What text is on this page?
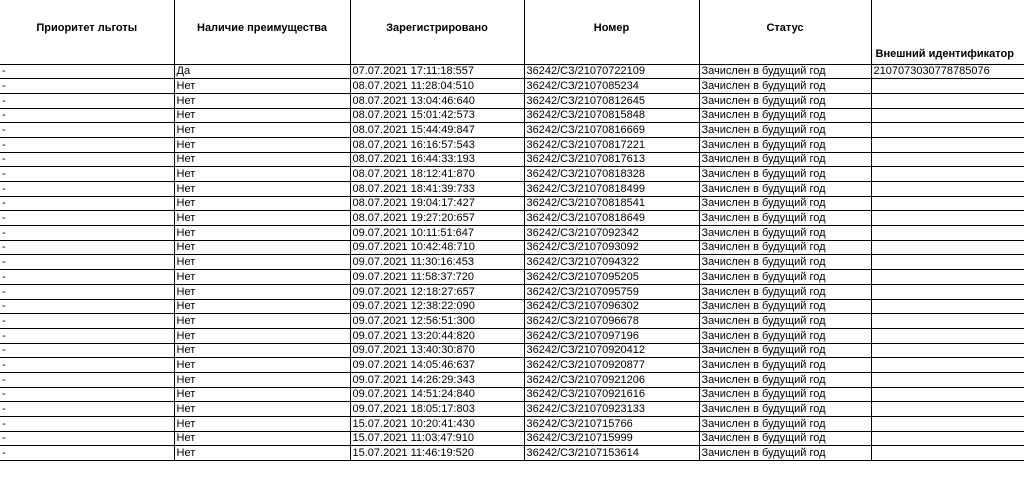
Приоритет льготы	Наличие преимущества	Зарегистрировано	Номер	Статус	Внешний идентификатор
-	Да	07.07.2021 17:11:18:557	36242/СЗ/21070722109	Зачислен в будущий год	2107073030778785076
-	Нет	08.07.2021 11:28:04:510	36242/СЗ/2107085234	Зачислен в будущий год	
-	Нет	08.07.2021 13:04:46:640	36242/СЗ/21070812645	Зачислен в будущий год	
-	Нет	08.07.2021 15:01:42:573	36242/СЗ/21070815848	Зачислен в будущий год	
-	Нет	08.07.2021 15:44:49:847	36242/СЗ/21070816669	Зачислен в будущий год	
-	Нет	08.07.2021 16:16:57:543	36242/СЗ/21070817221	Зачислен в будущий год	
-	Нет	08.07.2021 16:44:33:193	36242/СЗ/21070817613	Зачислен в будущий год	
-	Нет	08.07.2021 18:12:41:870	36242/СЗ/21070818328	Зачислен в будущий год	
-	Нет	08.07.2021 18:41:39:733	36242/СЗ/21070818499	Зачислен в будущий год	
-	Нет	08.07.2021 19:04:17:427	36242/СЗ/21070818541	Зачислен в будущий год	
-	Нет	08.07.2021 19:27:20:657	36242/СЗ/21070818649	Зачислен в будущий год	
-	Нет	09.07.2021 10:11:51:647	36242/СЗ/2107092342	Зачислен в будущий год	
-	Нет	09.07.2021 10:42:48:710	36242/СЗ/2107093092	Зачислен в будущий год	
-	Нет	09.07.2021 11:30:16:453	36242/СЗ/2107094322	Зачислен в будущий год	
-	Нет	09.07.2021 11:58:37:720	36242/СЗ/2107095205	Зачислен в будущий год	
-	Нет	09.07.2021 12:18:27:657	36242/СЗ/2107095759	Зачислен в будущий год	
-	Нет	09.07.2021 12:38:22:090	36242/СЗ/2107096302	Зачислен в будущий год	
-	Нет	09.07.2021 12:56:51:300	36242/СЗ/2107096678	Зачислен в будущий год	
-	Нет	09.07.2021 13:20:44:820	36242/СЗ/2107097196	Зачислен в будущий год	
-	Нет	09.07.2021 13:40:30:870	36242/СЗ/21070920412	Зачислен в будущий год	
-	Нет	09.07.2021 14:05:46:637	36242/СЗ/21070920877	Зачислен в будущий год	
-	Нет	09.07.2021 14:26:29:343	36242/СЗ/21070921206	Зачислен в будущий год	
-	Нет	09.07.2021 14:51:24:840	36242/СЗ/21070921616	Зачислен в будущий год	
-	Нет	09.07.2021 18:05:17:803	36242/СЗ/21070923133	Зачислен в будущий год	
-	Нет	15.07.2021 10:20:41:430	36242/СЗ/210715766	Зачислен в будущий год	
-	Нет	15.07.2021 11:03:47:910	36242/СЗ/210715999	Зачислен в будущий год	
-	Нет	15.07.2021 11:46:19:520	36242/СЗ/2107153614	Зачислен в будущий год	
